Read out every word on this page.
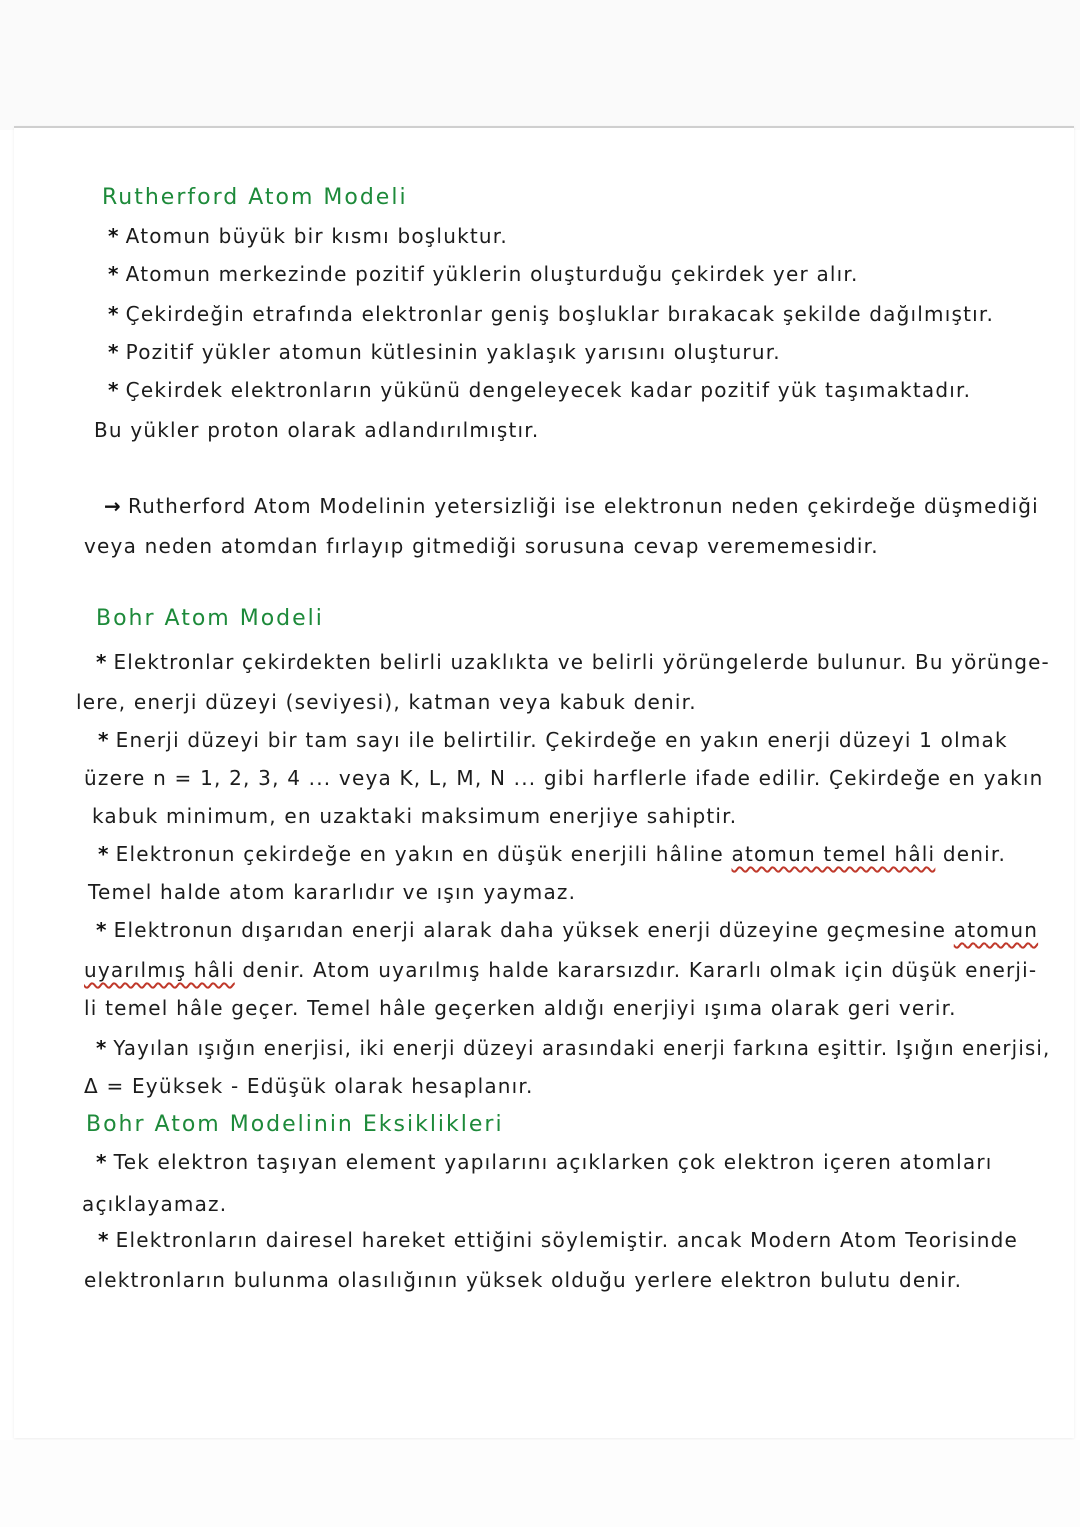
Rutherford Atom Modeli
* Atomun büyük bir kısmı boşluktur.
* Atomun merkezinde pozitif yüklerin oluşturduğu çekirdek yer alır.
* Çekirdeğin etrafında elektronlar geniş boşluklar bırakacak şekilde dağılmıştır.
* Pozitif yükler atomun kütlesinin yaklaşık yarısını oluşturur.
* Çekirdek elektronların yükünü dengeleyecek kadar pozitif yük taşımaktadır.
Bu yükler proton olarak adlandırılmıştır.
→ Rutherford Atom Modelinin yetersizliği ise elektronun neden çekirdeğe düşmediği
veya neden atomdan fırlayıp gitmediği sorusuna cevap verememesidir.
Bohr Atom Modeli
* Elektronlar çekirdekten belirli uzaklıkta ve belirli yörüngelerde bulunur. Bu yörünge-
lere, enerji düzeyi (seviyesi), katman veya kabuk denir.
* Enerji düzeyi bir tam sayı ile belirtilir. Çekirdeğe en yakın enerji düzeyi 1 olmak
üzere n = 1, 2, 3, 4 ... veya K, L, M, N ... gibi harflerle ifade edilir. Çekirdeğe en yakın
kabuk minimum, en uzaktaki maksimum enerjiye sahiptir.
* Elektronun çekirdeğe en yakın en düşük enerjili hâline atomun temel hâli denir.
Temel halde atom kararlıdır ve ışın yaymaz.
* Elektronun dışarıdan enerji alarak daha yüksek enerji düzeyine geçmesine atomun
uyarılmış hâli denir. Atom uyarılmış halde kararsızdır. Kararlı olmak için düşük enerji-
li temel hâle geçer. Temel hâle geçerken aldığı enerjiyi ışıma olarak geri verir.
* Yayılan ışığın enerjisi, iki enerji düzeyi arasındaki enerji farkına eşittir. Işığın enerjisi,
Δ = Eyüksek - Edüşük olarak hesaplanır.
Bohr Atom Modelinin Eksiklikleri
* Tek elektron taşıyan element yapılarını açıklarken çok elektron içeren atomları
açıklayamaz.
* Elektronların dairesel hareket ettiğini söylemiştir. ancak Modern Atom Teorisinde
elektronların bulunma olasılığının yüksek olduğu yerlere elektron bulutu denir.
